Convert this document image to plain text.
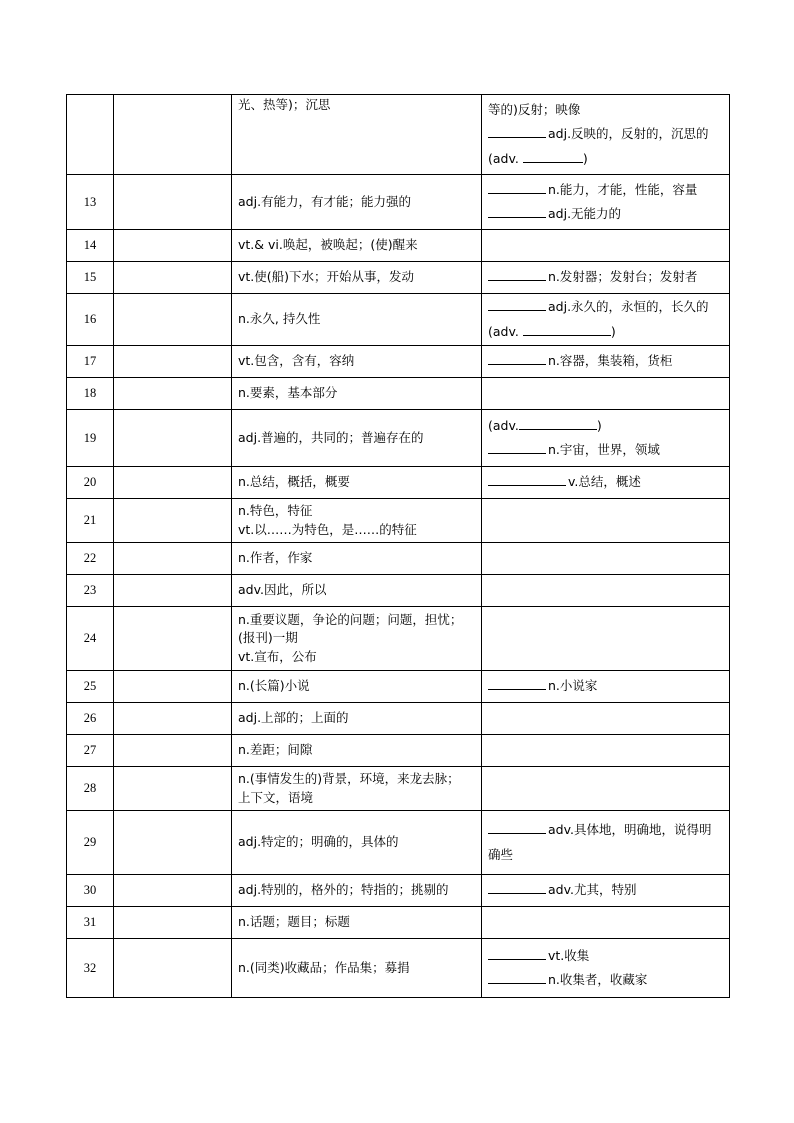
		光、热等)；沉思	等的)反射；映像
adj.反映的，反射的，沉思的
(adv. )

13		adj.有能力，有才能；能力强的	n.能力，才能，性能，容量
adj.无能力的

14		vt.& vi.唤起，被唤起；(使)醒来	

15		vt.使(船)下水；开始从事，发动	n.发射器；发射台；发射者

16		n.永久, 持久性	adj.永久的，永恒的，长久的
(adv. )

17		vt.包含，含有，容纳	n.容器，集装箱，货柜

18		n.要素，基本部分	

19		adj.普遍的，共同的；普遍存在的	(adv. )
n.宇宙，世界，领域

20		n.总结，概括，概要	v.总结，概述

21		n.特色，特征
vt.以……为特色，是……的特征	

22		n.作者，作家	

23		adv.因此，所以	

24		n.重要议题，争论的问题；问题，担忧；
(报刊)一期
vt.宣布，公布	

25		n.(长篇)小说	n.小说家

26		adj.上部的；上面的	

27		n.差距；间隙	

28		n.(事情发生的)背景，环境，来龙去脉；
上下文，语境	

29		adj.特定的；明确的，具体的	adv.具体地，明确地，说得明
确些

30		adj.特别的，格外的；特指的；挑剔的	adv.尤其，特别

31		n.话题；题目；标题	

32		n.(同类)收藏品；作品集；募捐	vt.收集
n.收集者，收藏家
